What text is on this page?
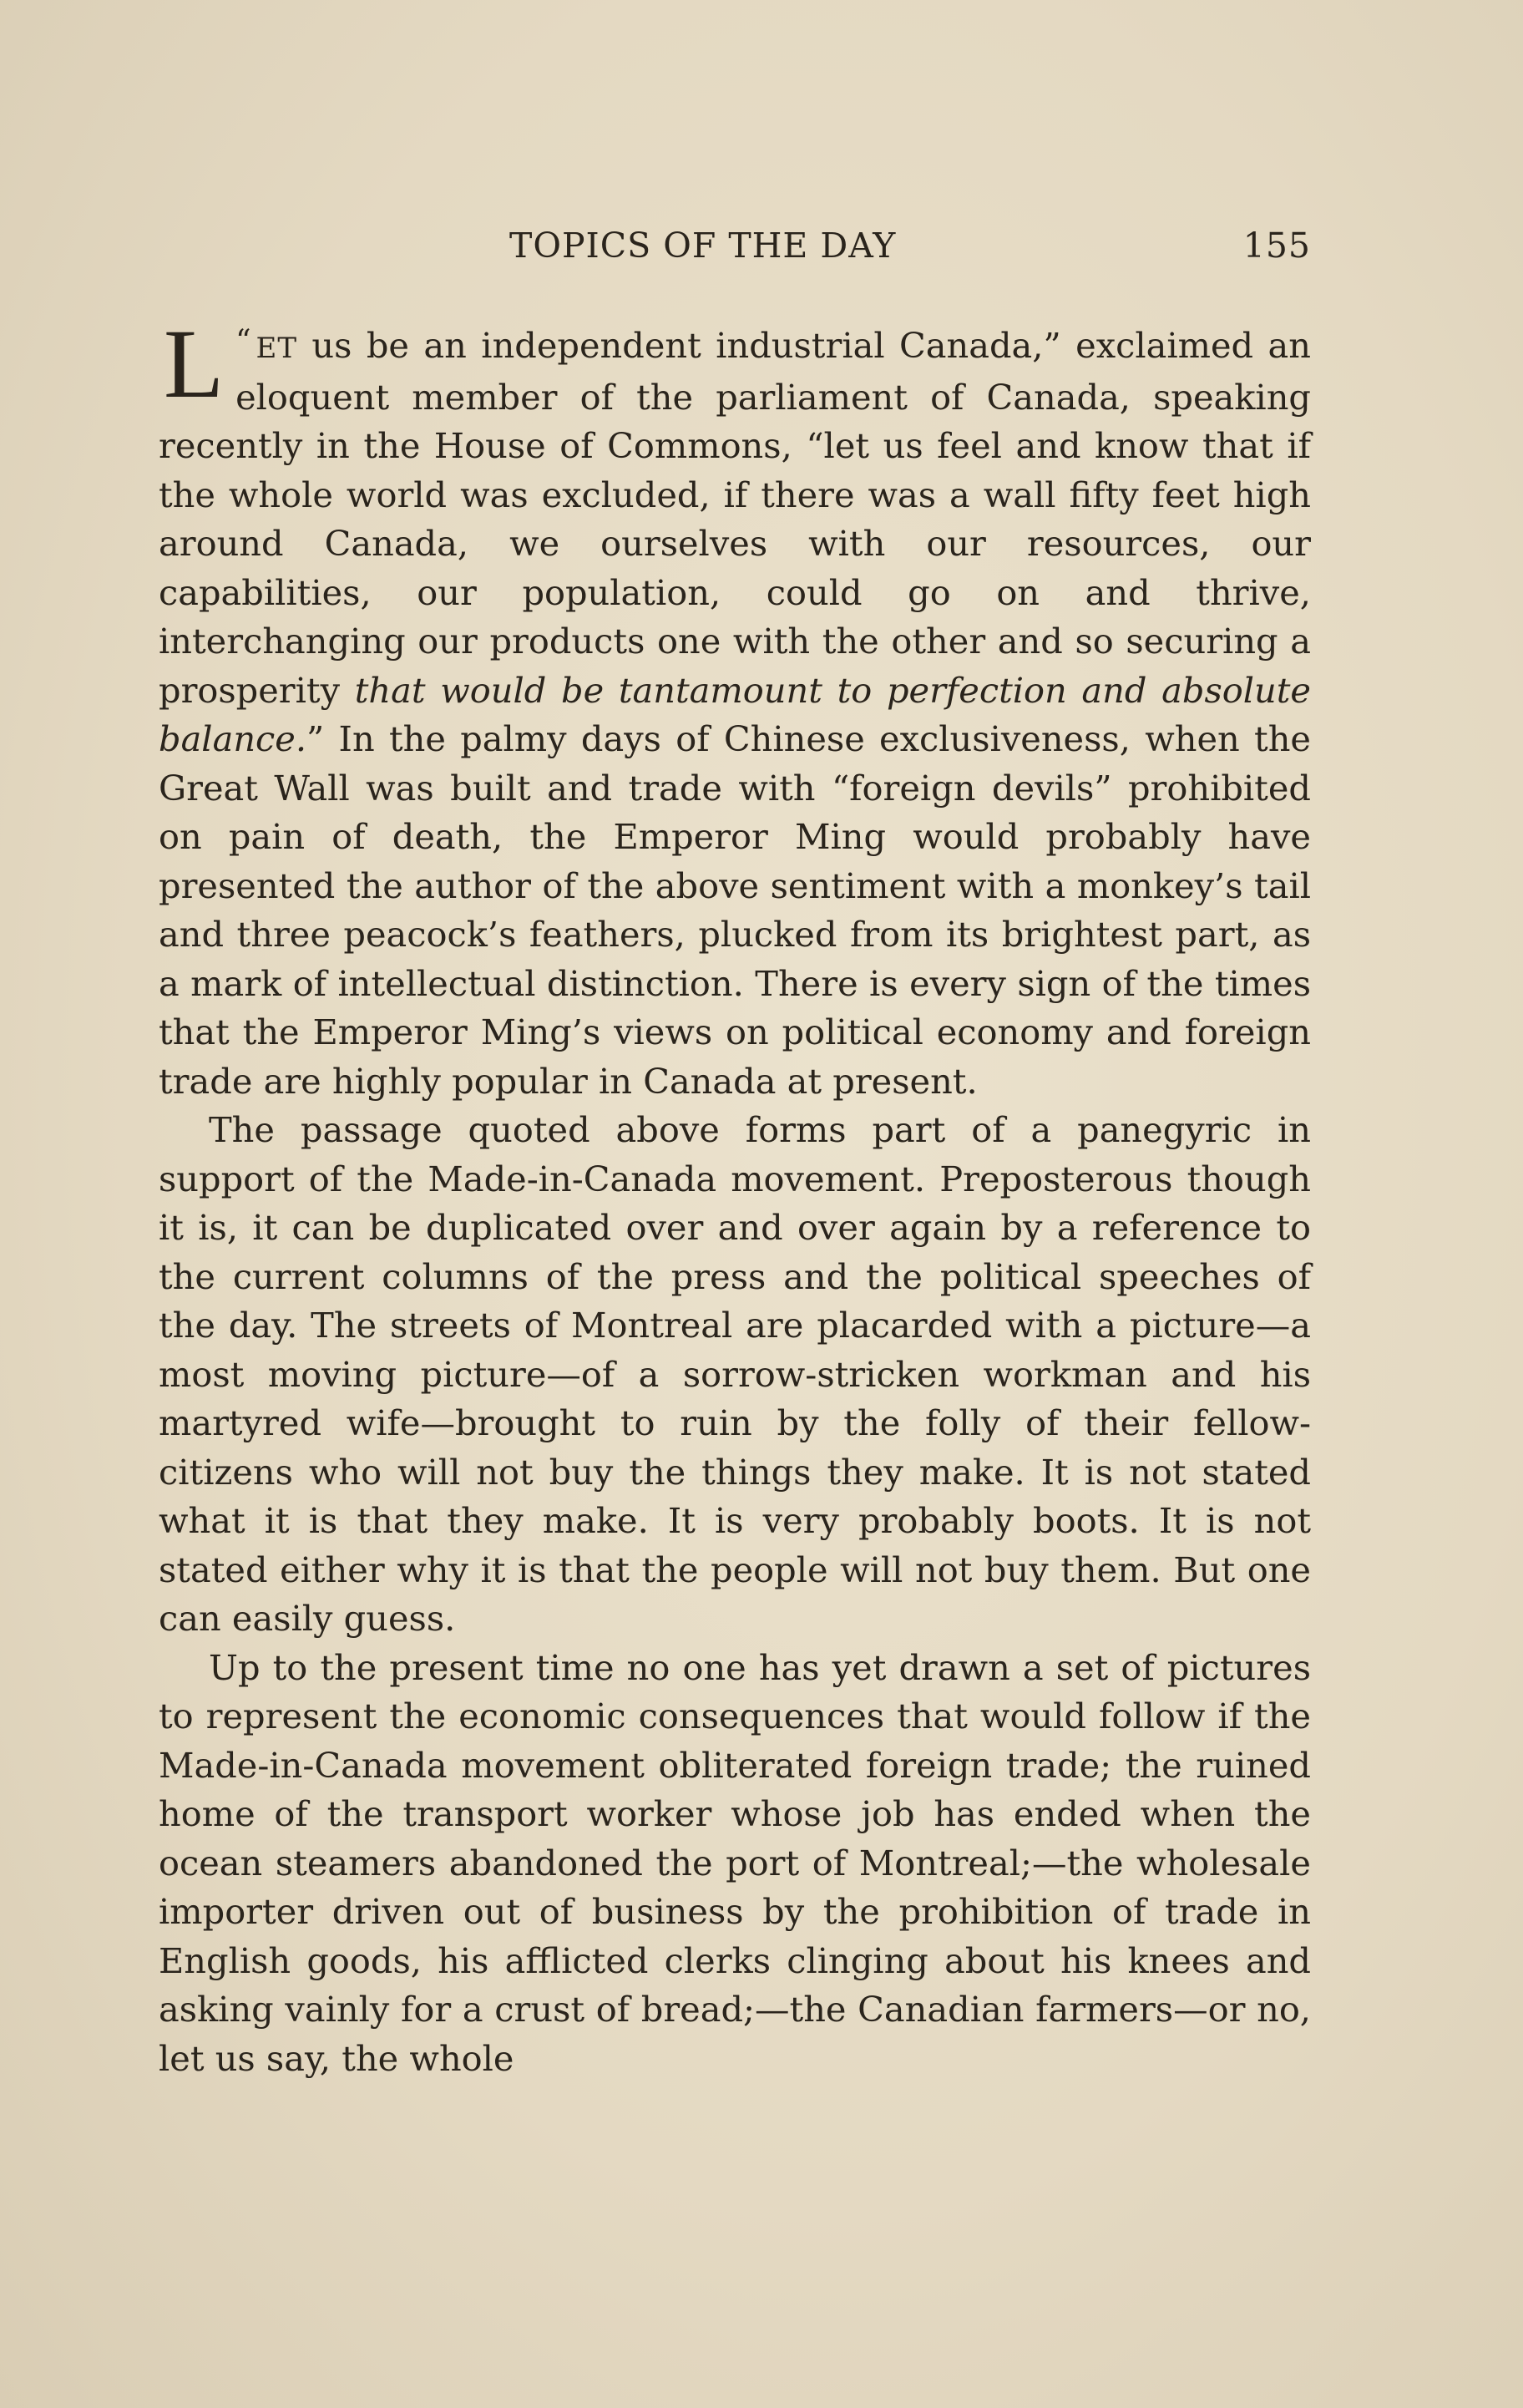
TOPICS OF THE DAY	155

“
L ET us be an independent industrial Canada,” exclaimed an eloquent member of the parliament of Canada, speaking recently in the House of Commons, “let us feel and know that if the whole world was excluded, if there was a wall fifty feet high around Canada, we ourselves with our resources, our capabilities, our population, could go on and thrive, interchanging our products one with the other and so securing a prosperity that would be tantamount to perfection and absolute balance.” In the palmy days of Chinese exclusiveness, when the Great Wall was built and trade with “foreign devils” prohibited on pain of death, the Emperor Ming would probably have presented the author of the above sentiment with a monkey’s tail and three peacock’s feathers, plucked from its brightest part, as a mark of intellectual distinction. There is every sign of the times that the Emperor Ming’s views on political economy and foreign trade are highly popular in Canada at present.

The passage quoted above forms part of a panegyric in support of the Made-in-Canada movement. Preposterous though it is, it can be duplicated over and over again by a reference to the current columns of the press and the political speeches of the day. The streets of Montreal are placarded with a picture—a most moving picture—of a sorrow-stricken workman and his martyred wife—brought to ruin by the folly of their fellow-citizens who will not buy the things they make. It is not stated what it is that they make. It is very probably boots. It is not stated either why it is that the people will not buy them. But one can easily guess.

Up to the present time no one has yet drawn a set of pictures to represent the economic consequences that would follow if the Made-in-Canada movement obliterated foreign trade; the ruined home of the transport worker whose job has ended when the ocean steamers abandoned the port of Montreal;—the wholesale importer driven out of business by the prohibition of trade in English goods, his afflicted clerks clinging about his knees and asking vainly for a crust of bread;—the Canadian farmers—or no, let us say, the whole
